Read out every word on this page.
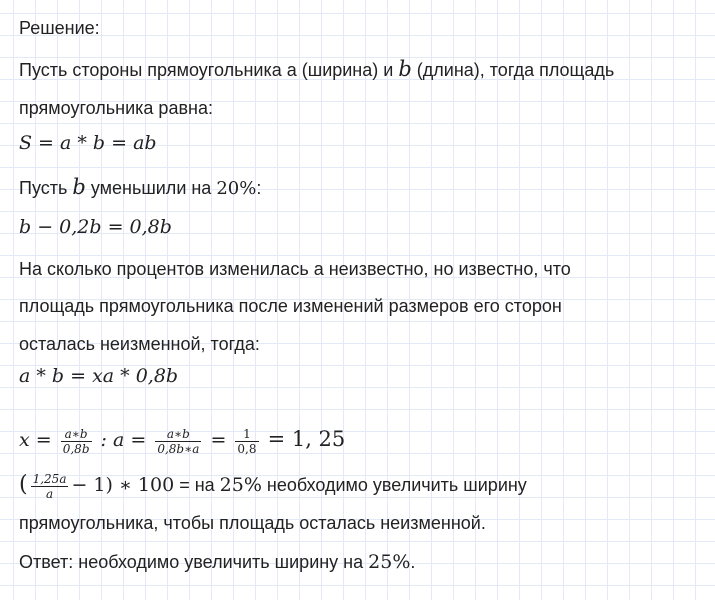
Решение:
Пусть стороны прямоугольника а (ширина) и b (длина), тогда площадь
прямоугольника равна:
S = a * b = ab
Пусть b уменьшили на 20%:
b − 0,2b = 0,8b
На сколько процентов изменилась а неизвестно, но известно, что
площадь прямоугольника после изменений размеров его сторон
осталась неизменной, тогда:
a * b = xa * 0,8b
$x = \frac{a∗b}{0,8b}$ : $a = \frac{a∗b}{0,8b∗a} = \frac{1}{0,8} = 1$, 25
( $\frac{1,25a}{a} - 1$) ∗ 100 = на 25% необходимо увеличить ширину
прямоугольника, чтобы площадь осталась неизменной.
Ответ: необходимо увеличить ширину на 25%.
